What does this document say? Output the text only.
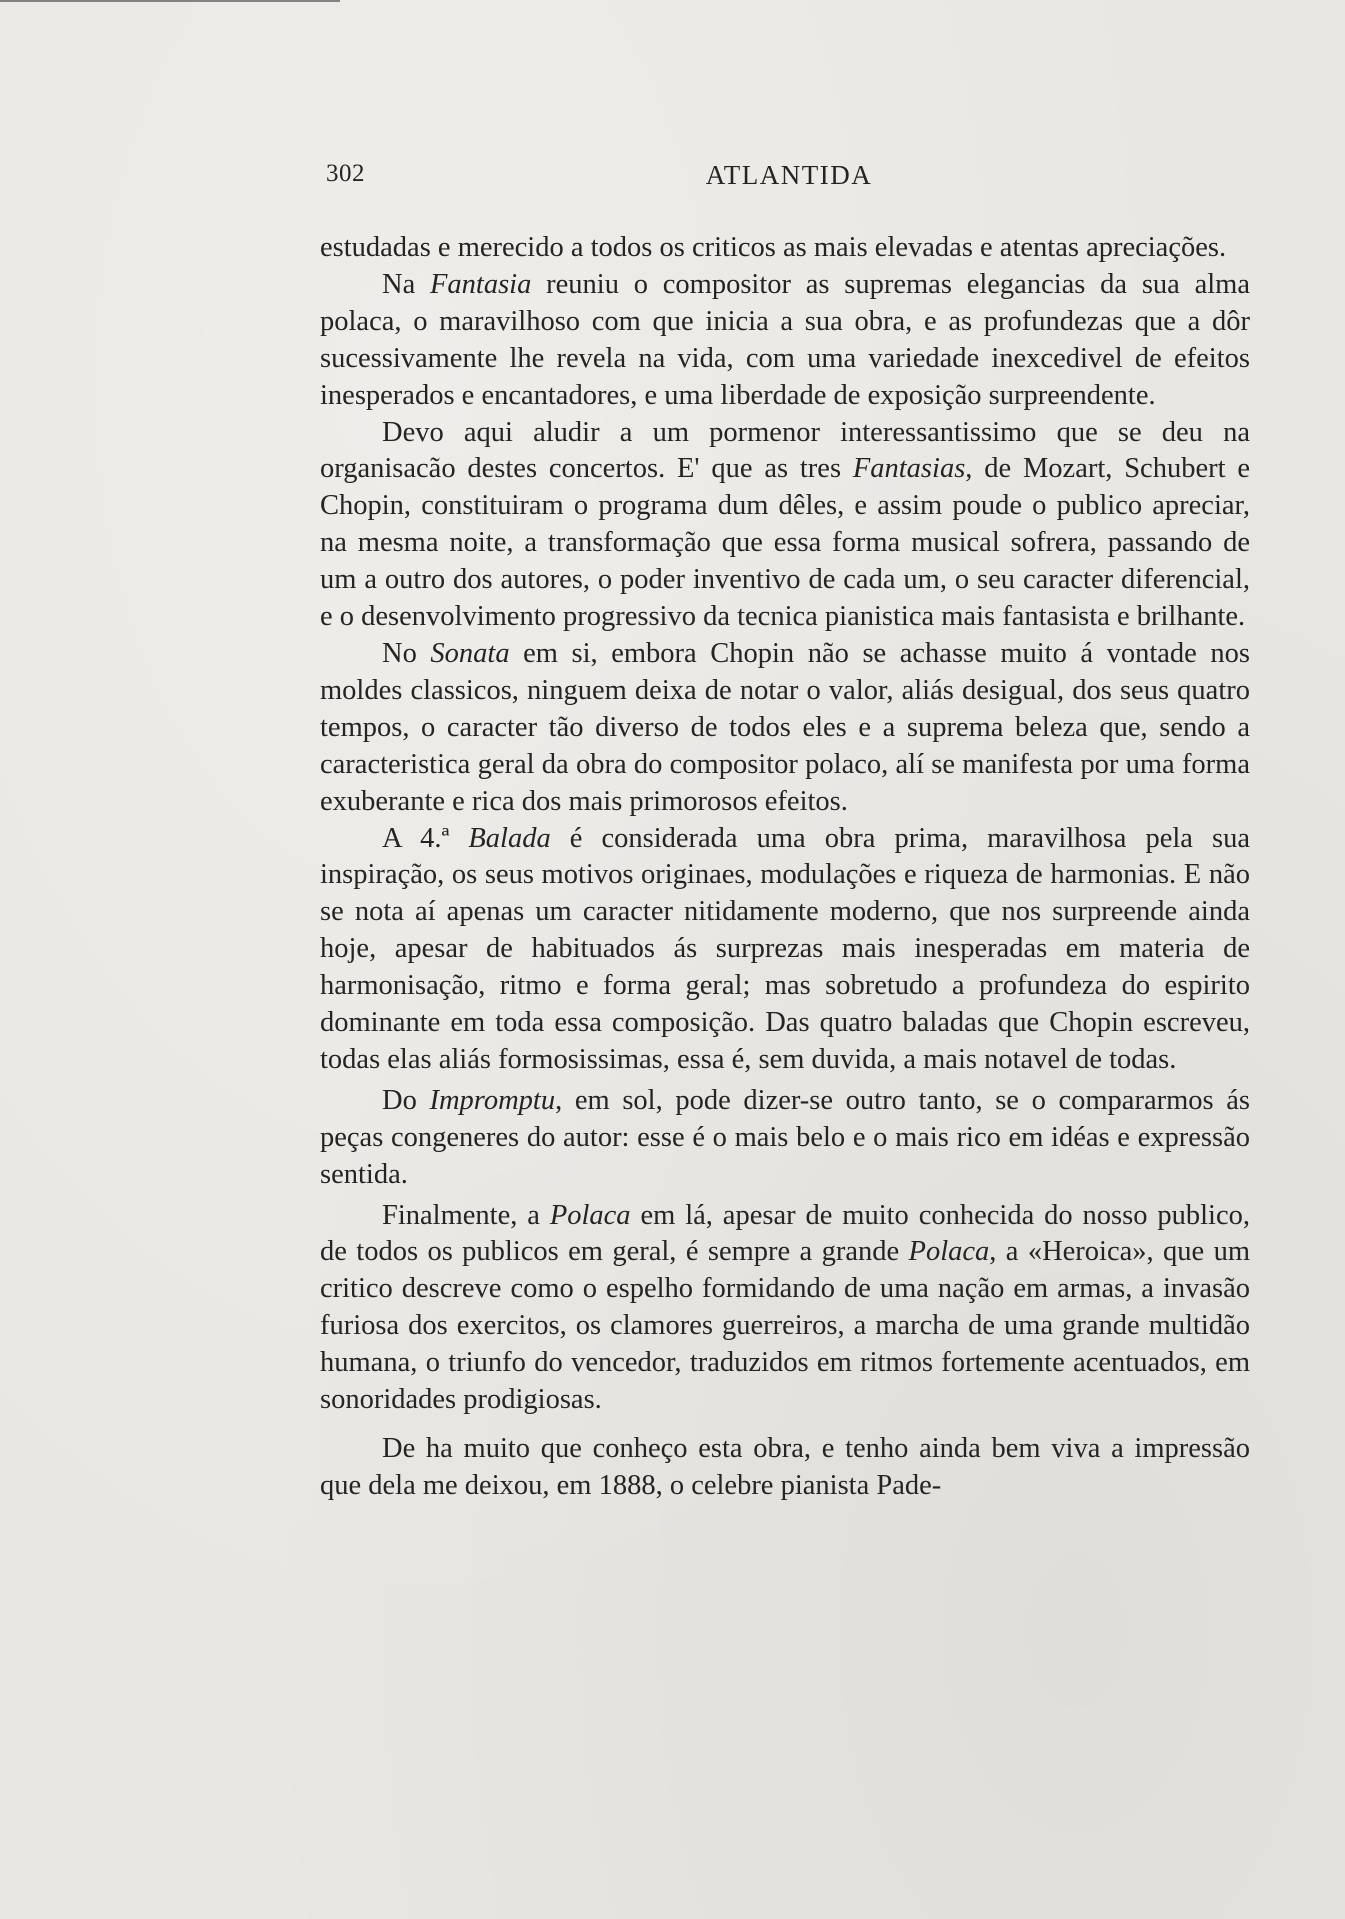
302	ATLANTIDA

estudadas e merecido a todos os criticos as mais elevadas e atentas apreciações.

Na Fantasia reuniu o compositor as supremas elegancias da sua alma polaca, o maravilhoso com que inicia a sua obra, e as profundezas que a dôr sucessivamente lhe revela na vida, com uma variedade inexcedivel de efeitos inesperados e encantadores, e uma liberdade de exposição surpreendente.

Devo aqui aludir a um pormenor interessantissimo que se deu na organisacão destes concertos. E' que as tres Fantasias, de Mozart, Schubert e Chopin, constituiram o programa dum dêles, e assim poude o publico apreciar, na mesma noite, a transformação que essa forma musical sofrera, passando de um a outro dos autores, o poder inventivo de cada um, o seu caracter diferencial, e o desenvolvimento progressivo da tecnica pianistica mais fantasista e brilhante.

No Sonata em si, embora Chopin não se achasse muito á vontade nos moldes classicos, ninguem deixa de notar o valor, aliás desigual, dos seus quatro tempos, o caracter tão diverso de todos eles e a suprema beleza que, sendo a caracteristica geral da obra do compositor polaco, alí se manifesta por uma forma exuberante e rica dos mais primorosos efeitos.

A 4.ª Balada é considerada uma obra prima, maravilhosa pela sua inspiração, os seus motivos originaes, modulações e riqueza de harmonias. E não se nota aí apenas um caracter nitidamente moderno, que nos surpreende ainda hoje, apesar de habituados ás surprezas mais inesperadas em materia de harmonisação, ritmo e forma geral; mas sobretudo a profundeza do espirito dominante em toda essa composição. Das quatro baladas que Chopin escreveu, todas elas aliás formosissimas, essa é, sem duvida, a mais notavel de todas.

Do Impromptu, em sol, pode dizer-se outro tanto, se o compararmos ás peças congeneres do autor: esse é o mais belo e o mais rico em idéas e expressão sentida.

Finalmente, a Polaca em lá, apesar de muito conhecida do nosso publico, de todos os publicos em geral, é sempre a grande Polaca, a «Heroica», que um critico descreve como o espelho formidando de uma nação em armas, a invasão furiosa dos exercitos, os clamores guerreiros, a marcha de uma grande multidão humana, o triunfo do vencedor, traduzidos em ritmos fortemente acentuados, em sonoridades prodigiosas.

De ha muito que conheço esta obra, e tenho ainda bem viva a impressão que dela me deixou, em 1888, o celebre pianista Pade-
